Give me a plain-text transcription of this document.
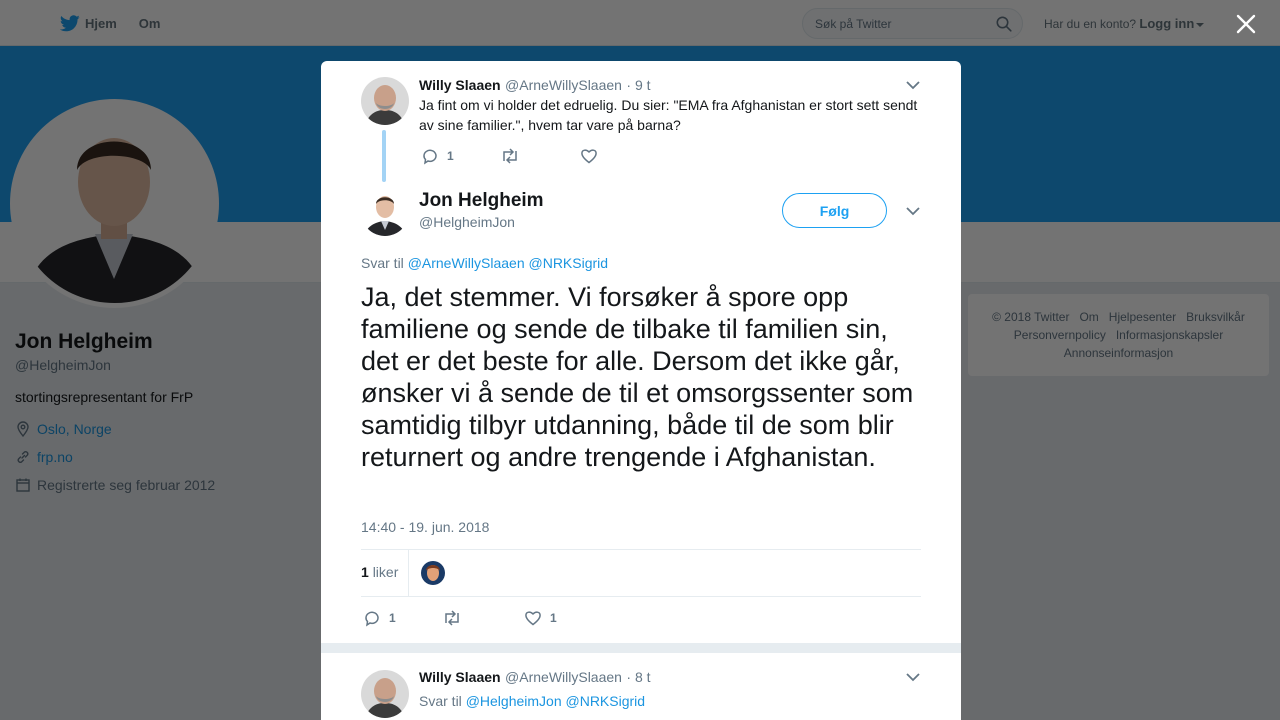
Søk på Twitter

Willy Slaaen @ArneWillySlaaen · 9 t
Ja fint om vi holder det edruelig. Du sier: "EMA fra Afghanistan er stort sett sendt av sine familier.", hvem tar vare på barna?
1
Jon Helgheim
@HelgheimJon
Følg
Svar til @ArneWillySlaaen @NRKSigrid
Ja, det stemmer. Vi forsøker å spore opp familiene og sende de tilbake til familien sin, det er det beste for alle. Dersom det ikke går, ønsker vi å sende de til et omsorgssenter som samtidig tilbyr utdanning, både til de som blir returnert og andre trengende i Afghanistan.
14:40 - 19. jun. 2018
1 liker
1	1
Willy Slaaen @ArneWillySlaaen · 8 t
Svar til @HelgheimJon @NRKSigrid
